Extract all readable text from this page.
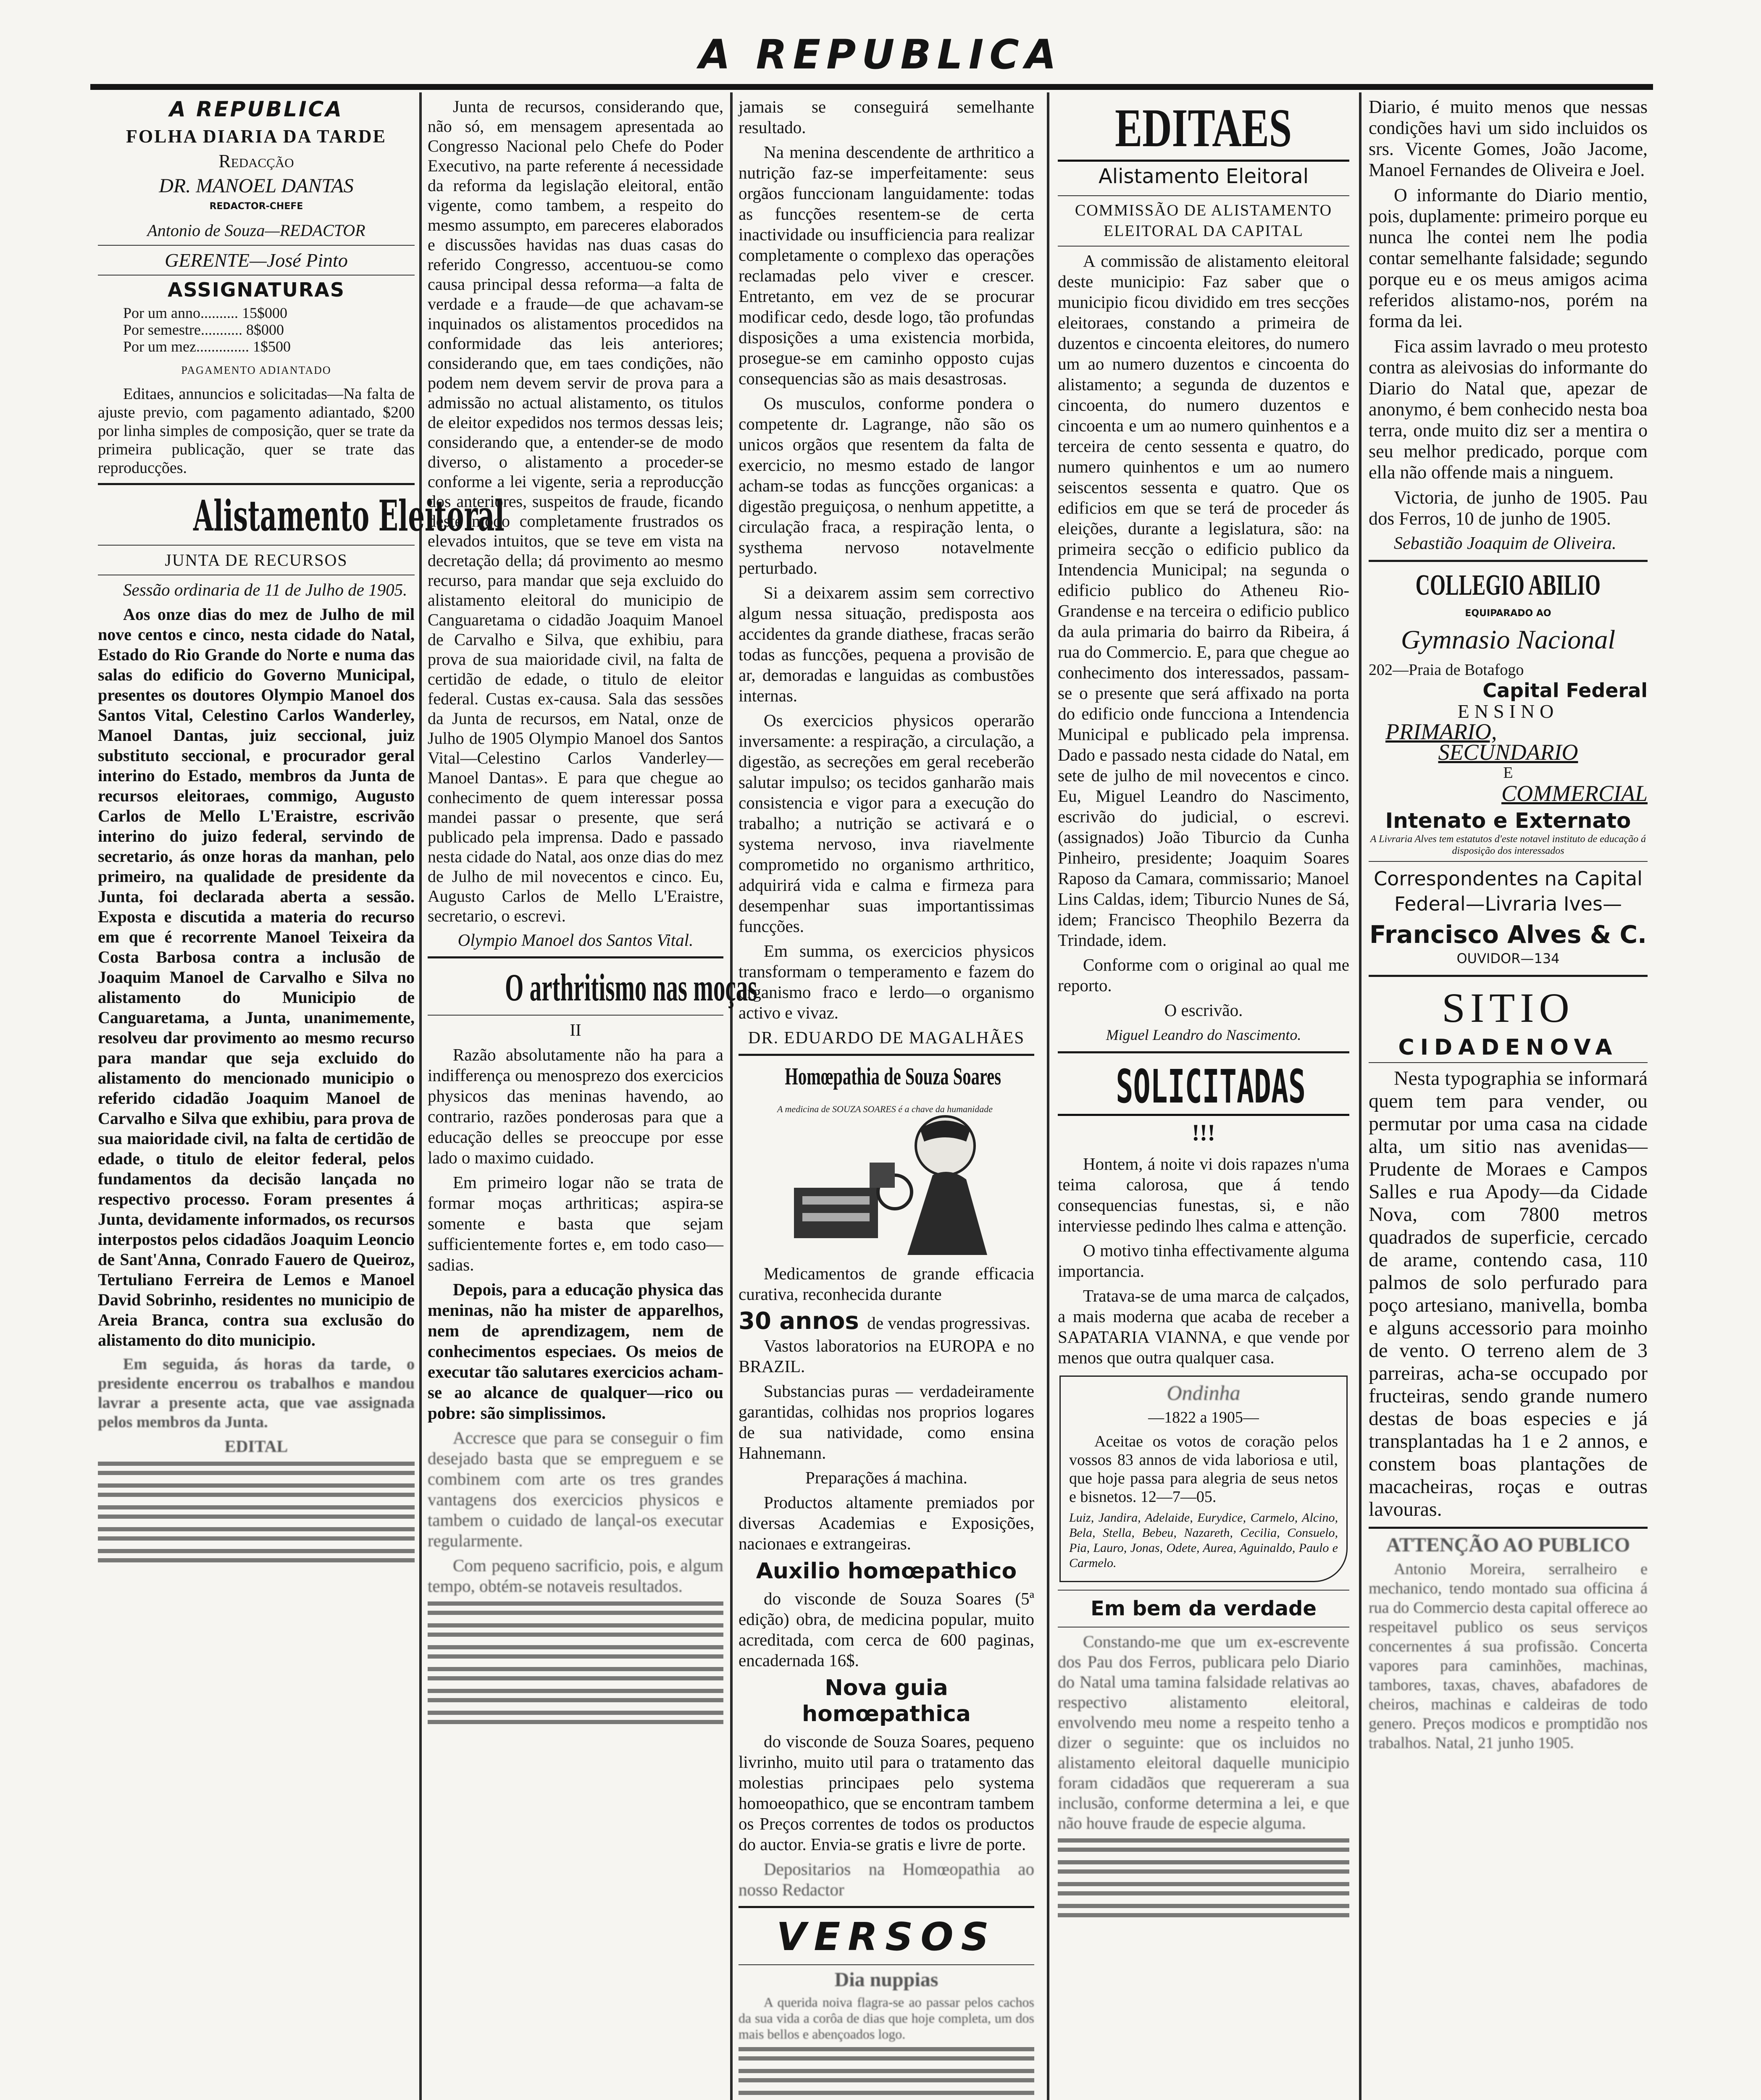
A REPUBLICA

A REPUBLICA

FOLHA DIARIA DA TARDE

Redacção

DR. MANOEL DANTAS

REDACTOR-CHEFE

Antonio de Souza—REDACTOR

GERENTE—José Pinto

ASSIGNATURAS

Por um anno.......... 15$000

Por semestre........... 8$000

Por um mez.............. 1$500

PAGAMENTO ADIANTADO

Editaes, annuncios e solicitadas—Na falta de ajuste previo, com pagamento adiantado, $200 por linha simples de composição, quer se trate da primeira publicação, quer se trate das reproducções.

Alistamento Eleitoral

JUNTA DE RECURSOS

Sessão ordinaria de 11 de Julho de 1905.

Aos onze dias do mez de Julho de mil nove centos e cinco, nesta cidade do Natal, Estado do Rio Grande do Norte e numa das salas do edificio do Governo Municipal, presentes os doutores Olympio Manoel dos Santos Vital, Celestino Carlos Wanderley, Manoel Dantas, juiz seccional, juiz substituto seccional, e procurador geral interino do Estado, membros da Junta de recursos eleitoraes, commigo, Augusto Carlos de Mello L'Eraistre, escrivão interino do juizo federal, servindo de secretario, ás onze horas da manhan, pelo primeiro, na qualidade de presidente da Junta, foi declarada aberta a sessão. Exposta e discutida a materia do recurso em que é recorrente Manoel Teixeira da Costa Barbosa contra a inclusão de Joaquim Manoel de Carvalho e Silva no alistamento do Municipio de Canguaretama, a Junta, unanimemente, resolveu dar provimento ao mesmo recurso para mandar que seja excluido do alistamento do mencionado municipio o referido cidadão Joaquim Manoel de Carvalho e Silva que exhibiu, para prova de sua maioridade civil, na falta de certidão de edade, o titulo de eleitor federal, pelos fundamentos da decisão lançada no respectivo processo. Foram presentes á Junta, devidamente informados, os recursos interpostos pelos cidadãos Joaquim Leoncio de Sant'Anna, Conrado Fauero de Queiroz, Tertuliano Ferreira de Lemos e Manoel David Sobrinho, residentes no municipio de Areia Branca, contra sua exclusão do alistamento do dito municipio.

Em seguida, ás horas da tarde, o presidente encerrou os trabalhos e mandou lavrar a presente acta, que vae assignada pelos membros da Junta.

EDITAL

Junta de recursos, considerando que, não só, em mensagem apresentada ao Congresso Nacional pelo Chefe do Poder Executivo, na parte referente á necessidade da reforma da legislação eleitoral, então vigente, como tambem, a respeito do mesmo assumpto, em pareceres elaborados e discussões havidas nas duas casas do referido Congresso, accentuou-se como causa principal dessa reforma—a falta de verdade e a fraude—de que achavam-se inquinados os alistamentos procedidos na conformidade das leis anteriores; considerando que, em taes condições, não podem nem devem servir de prova para a admissão no actual alistamento, os titulos de eleitor expedidos nos termos dessas leis; considerando que, a entender-se de modo diverso, o alistamento a proceder-se conforme a lei vigente, seria a reproducção dos anteriores, suspeitos de fraude, ficando deste modo completamente frustrados os elevados intuitos, que se teve em vista na decretação della; dá provimento ao mesmo recurso, para mandar que seja excluido do alistamento eleitoral do municipio de Canguaretama o cidadão Joaquim Manoel de Carvalho e Silva, que exhibiu, para prova de sua maioridade civil, na falta de certidão de edade, o titulo de eleitor federal. Custas ex-causa. Sala das sessões da Junta de recursos, em Natal, onze de Julho de 1905 Olympio Manoel dos Santos Vital—Celestino Carlos Vanderley—Manoel Dantas». E para que chegue ao conhecimento de quem interessar possa mandei passar o presente, que será publicado pela imprensa. Dado e passado nesta cidade do Natal, aos onze dias do mez de Julho de mil novecentos e cinco. Eu, Augusto Carlos de Mello L'Eraistre, secretario, o escrevi.

Olympio Manoel dos Santos Vital.

O arthritismo nas moças

II

Razão absolutamente não ha para a indifferença ou menosprezo dos exercicios physicos das meninas havendo, ao contrario, razões ponderosas para que a educação delles se preoccupe por esse lado o maximo cuidado.

Em primeiro logar não se trata de formar moças arthriticas; aspira-se somente e basta que sejam sufficientemente fortes e, em todo caso—sadias.

Depois, para a educação physica das meninas, não ha mister de apparelhos, nem de aprendizagem, nem de conhecimentos especiaes. Os meios de executar tão salutares exercicios acham-se ao alcance de qualquer—rico ou pobre: são simplissimos.

Accresce que para se conseguir o fim desejado basta que se empreguem e se combinem com arte os tres grandes vantagens dos exercicios physicos e tambem o cuidado de lançal-os executar regularmente.

Com pequeno sacrificio, pois, e algum tempo, obtém-se notaveis resultados.

jamais se conseguirá semelhante resultado.

Na menina descendente de arthritico a nutrição faz-se imperfeitamente: seus orgãos funccionam languidamente: todas as funcções resentem-se de certa inactividade ou insufficiencia para realizar completamente o complexo das operações reclamadas pelo viver e crescer. Entretanto, em vez de se procurar modificar cedo, desde logo, tão profundas disposições a uma existencia morbida, prosegue-se em caminho opposto cujas consequencias são as mais desastrosas.

Os musculos, conforme pondera o competente dr. Lagrange, não são os unicos orgãos que resentem da falta de exercicio, no mesmo estado de langor acham-se todas as funcções organicas: a digestão preguiçosa, o nenhum appetitte, a circulação fraca, a respiração lenta, o systhema nervoso notavelmente perturbado.

Si a deixarem assim sem correctivo algum nessa situação, predisposta aos accidentes da grande diathese, fracas serão todas as funcções, pequena a provisão de ar, demoradas e languidas as combustões internas.

Os exercicios physicos operarão inversamente: a respiração, a circulação, a digestão, as secreções em geral receberão salutar impulso; os tecidos ganharão mais consistencia e vigor para a execução do trabalho; a nutrição se activará e o systema nervoso, inva riavelmente comprometido no organismo arthritico, adquirirá vida e calma e firmeza para desempenhar suas importantissimas funcções.

Em summa, os exercicios physicos transformam o temperamento e fazem do organismo fraco e lerdo—o organismo activo e vivaz.

DR. EDUARDO DE MAGALHÃES

Homœpathia de Souza Soares
A medicina de SOUZA SOARES é a chave da humanidade

Medicamentos de grande efficacia curativa, reconhecida durante

30 annos de vendas progressivas.

Vastos laboratorios na EUROPA e no BRAZIL.

Substancias puras — verdadeiramente garantidas, colhidas nos proprios logares de sua natividade, como ensina Hahnemann.

Preparações á machina.

Productos altamente premiados por diversas Academias e Exposições, nacionaes e extrangeiras.

Auxilio homœpathico

do visconde de Souza Soares (5ª edição) obra, de medicina popular, muito acreditada, com cerca de 600 paginas, encadernada 16$.

Nova guia homœpathica

do visconde de Souza Soares, pequeno livrinho, muito util para o tratamento das molestias principaes pelo systema homoeopathico, que se encontram tambem os Preços correntes de todos os productos do auctor. Envia-se gratis e livre de porte.

Depositarios na Homœopathia ao nosso Redactor

VERSOS

Dia nuppias

A querida noiva flagra-se ao passar pelos cachos da sua vida a corôa de dias que hoje completa, um dos mais bellos e abençoados logo.

EDITAES

Alistamento Eleitoral

COMMISSÃO DE ALISTAMENTO ELEITORAL DA CAPITAL

A commissão de alistamento eleitoral deste municipio: Faz saber que o municipio ficou dividido em tres secções eleitoraes, constando a primeira de duzentos e cincoenta eleitores, do numero um ao numero duzentos e cincoenta do alistamento; a segunda de duzentos e cincoenta, do numero duzentos e cincoenta e um ao numero quinhentos e a terceira de cento sessenta e quatro, do numero quinhentos e um ao numero seiscentos sessenta e quatro. Que os edificios em que se terá de proceder ás eleições, durante a legislatura, são: na primeira secção o edificio publico da Intendencia Municipal; na segunda o edificio publico do Atheneu Rio-Grandense e na terceira o edificio publico da aula primaria do bairro da Ribeira, á rua do Commercio. E, para que chegue ao conhecimento dos interessados, passam-se o presente que será affixado na porta do edificio onde funcciona a Intendencia Municipal e publicado pela imprensa. Dado e passado nesta cidade do Natal, em sete de julho de mil novecentos e cinco. Eu, Miguel Leandro do Nascimento, escrivão do judicial, o escrevi. (assignados) João Tiburcio da Cunha Pinheiro, presidente; Joaquim Soares Raposo da Camara, commissario; Manoel Lins Caldas, idem; Tiburcio Nunes de Sá, idem; Francisco Theophilo Bezerra da Trindade, idem.

Conforme com o original ao qual me reporto.

O escrivão.

Miguel Leandro do Nascimento.

SOLICITADAS

!!!

Hontem, á noite vi dois rapazes n'uma teima calorosa, que á tendo consequencias funestas, si, e não interviesse pedindo lhes calma e attenção.

O motivo tinha effectivamente alguma importancia.

Tratava-se de uma marca de calçados, a mais moderna que acaba de receber a SAPATARIA VIANNA, e que vende por menos que outra qualquer casa.

Ondinha

—1822 a 1905—

Aceitae os votos de coração pelos vossos 83 annos de vida laboriosa e util, que hoje passa para alegria de seus netos e bisnetos. 12—7—05.

Luiz, Jandira, Adelaide, Eurydice, Carmelo, Alcino, Bela, Stella, Bebeu, Nazareth, Cecilia, Consuelo, Pia, Lauro, Jonas, Odete, Aurea, Aguinaldo, Paulo e Carmelo.

Em bem da verdade

Constando-me que um ex-escrevente dos Pau dos Ferros, publicara pelo Diario do Natal uma tamina falsidade relativas ao respectivo alistamento eleitoral, envolvendo meu nome a respeito tenho a dizer o seguinte: que os incluidos no alistamento eleitoral daquelle municipio foram cidadãos que requereram a sua inclusão, conforme determina a lei, e que não houve fraude de especie alguma.

Diario, é muito menos que nessas condições havi um sido incluidos os srs. Vicente Gomes, João Jacome, Manoel Fernandes de Oliveira e Joel.

O informante do Diario mentio, pois, duplamente: primeiro porque eu nunca lhe contei nem lhe podia contar semelhante falsidade; segundo porque eu e os meus amigos acima referidos alistamo-nos, porém na forma da lei.

Fica assim lavrado o meu protesto contra as aleivosias do informante do Diario do Natal que, apezar de anonymo, é bem conhecido nesta boa terra, onde muito diz ser a mentira o seu melhor predicado, porque com ella não offende mais a ninguem.

Victoria, de junho de 1905. Pau dos Ferros, 10 de junho de 1905.

Sebastião Joaquim de Oliveira.

COLLEGIO ABILIO

EQUIPARADO AO

Gymnasio Nacional

202—Praia de Botafogo

Capital Federal

ENSINO

PRIMARIO,

SECUNDARIO

E

COMMERCIAL

Intenato e Externato

A Livraria Alves tem estatutos d'este notavel instituto de educação á disposição dos interessados

Correspondentes na Capital Federal—Livraria Ives—

Francisco Alves & C.

OUVIDOR—134

SITIO

CIDADENOVA

Nesta typographia se informará quem tem para vender, ou permutar por uma casa na cidade alta, um sitio nas avenidas—Prudente de Moraes e Campos Salles e rua Apody—da Cidade Nova, com 7800 metros quadrados de superficie, cercado de arame, contendo casa, 110 palmos de solo perfurado para poço artesiano, manivella, bomba e alguns accessorio para moinho de vento. O terreno alem de 3 parreiras, acha-se occupado por fructeiras, sendo grande numero destas de boas especies e já transplantadas ha 1 e 2 annos, e constem boas plantações de macacheiras, roças e outras lavouras.

ATTENÇÃO AO PUBLICO

Antonio Moreira, serralheiro e mechanico, tendo montado sua officina á rua do Commercio desta capital offerece ao respeitavel publico os seus serviços concernentes á sua profissão. Concerta vapores para caminhões, machinas, tambores, taxas, chaves, abafadores de cheiros, machinas e caldeiras de todo genero. Preços modicos e promptidão nos trabalhos. Natal, 21 junho 1905.
